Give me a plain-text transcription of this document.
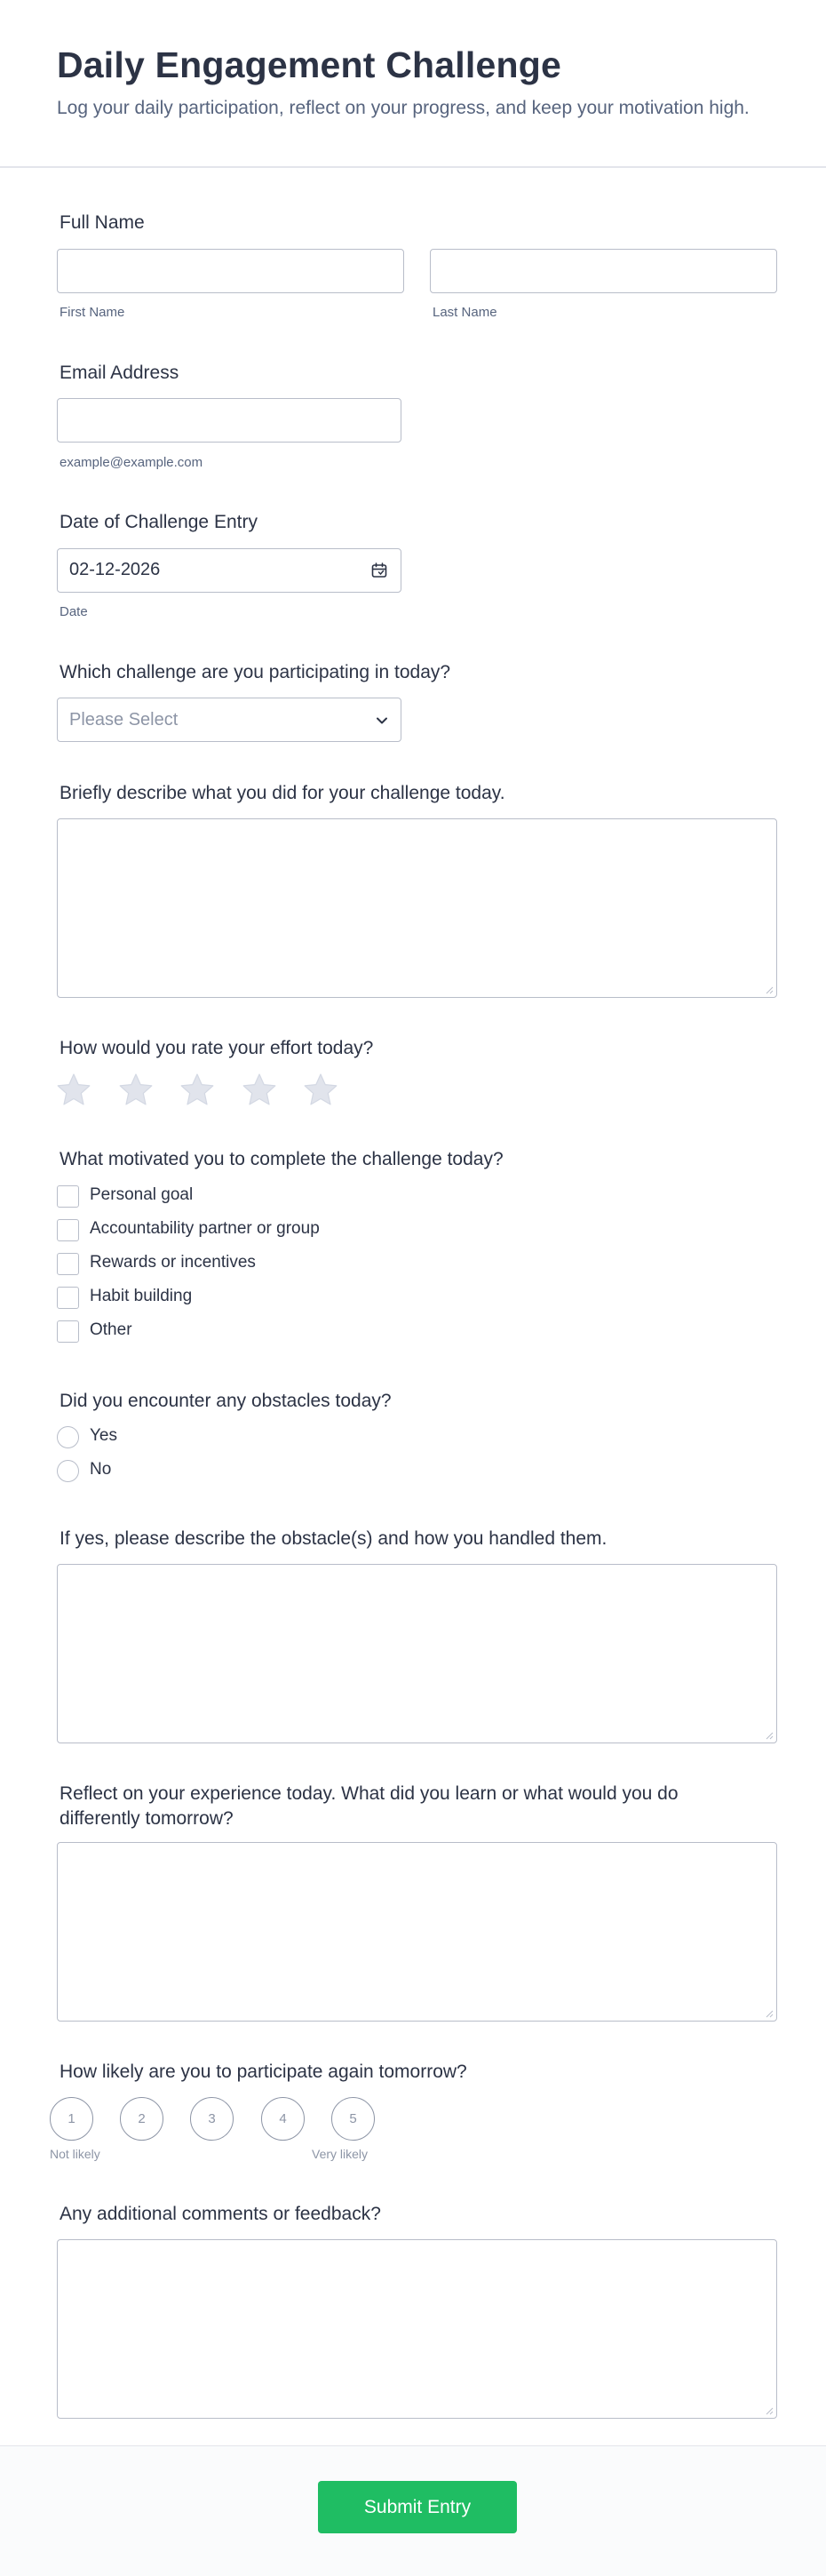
Daily Engagement Challenge
Log your daily participation, reflect on your progress, and keep your motivation high.
Full Name
First Name	Last Name
Email Address
example@example.com
Date of Challenge Entry
02-12-2026
Date
Which challenge are you participating in today?
Please Select
Briefly describe what you did for your challenge today.
How would you rate your effort today?
What motivated you to complete the challenge today?
Personal goal
Accountability partner or group
Rewards or incentives
Habit building
Other
Did you encounter any obstacles today?
Yes
No
If yes, please describe the obstacle(s) and how you handled them.
Reflect on your experience today. What did you learn or what would you do differently tomorrow?
How likely are you to participate again tomorrow?
1	2	3	4	5
Not likely	Very likely
Any additional comments or feedback?
Submit Entry
